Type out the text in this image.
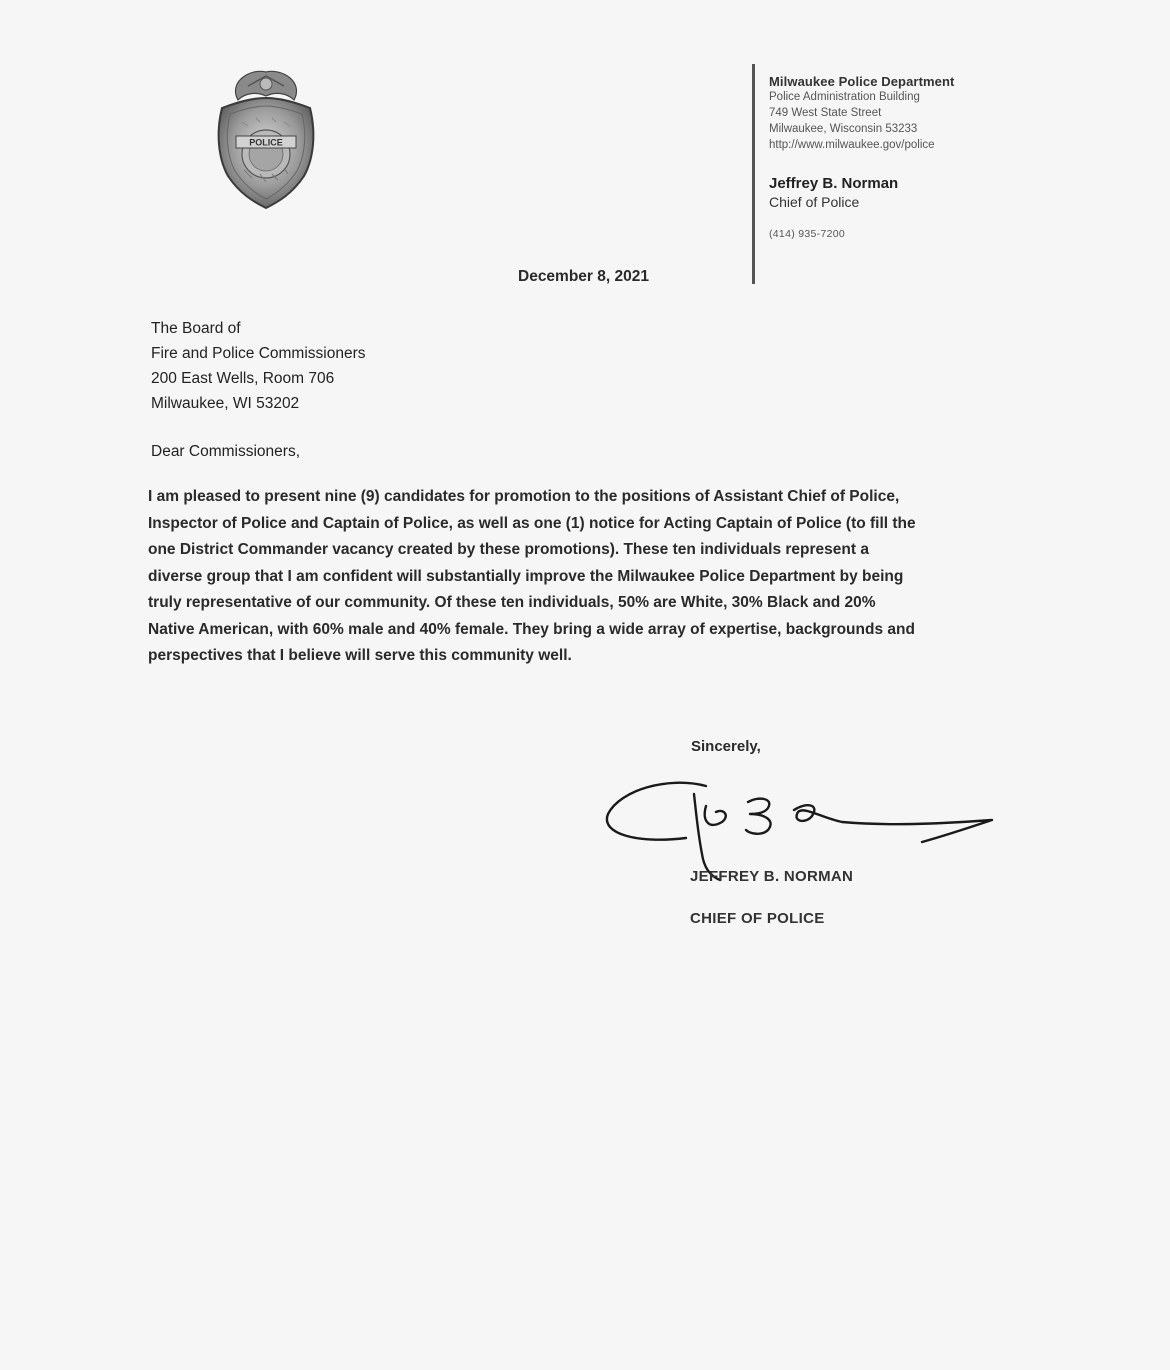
POLICE
Milwaukee Police Department
Police Administration Building
749 West State Street
Milwaukee, Wisconsin 53233
http://www.milwaukee.gov/police
Jeffrey B. Norman
Chief of Police
(414) 935-7200
December 8, 2021
The Board of
Fire and Police Commissioners
200 East Wells, Room 706
Milwaukee, WI 53202
Dear Commissioners,
I am pleased to present nine (9) candidates for promotion to the positions of Assistant Chief of Police,
Inspector of Police and Captain of Police, as well as one (1) notice for Acting Captain of Police (to fill the
one District Commander vacancy created by these promotions). These ten individuals represent a
diverse group that I am confident will substantially improve the Milwaukee Police Department by being
truly representative of our community. Of these ten individuals, 50% are White, 30% Black and 20%
Native American, with 60% male and 40% female. They bring a wide array of expertise, backgrounds and
perspectives that I believe will serve this community well.
Sincerely,
JEFFREY B. NORMAN
CHIEF OF POLICE
